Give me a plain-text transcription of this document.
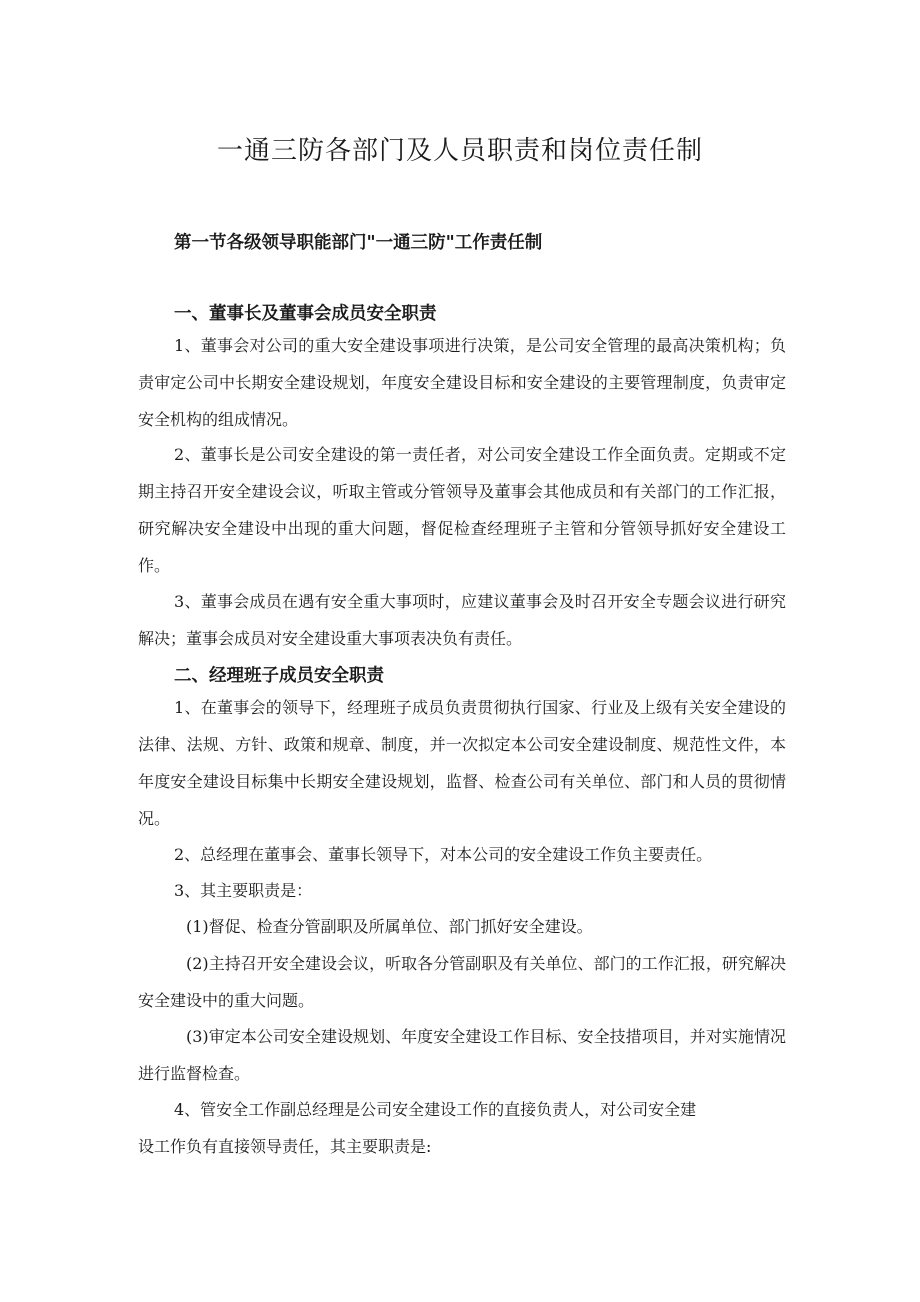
一通三防各部门及人员职责和岗位责任制
第一节各级领导职能部门"一通三防"工作责任制
一、董事长及董事会成员安全职责
1、董事会对公司的重大安全建设事项进行决策，是公司安全管理的最高决策机构；负责审定公司中长期安全建设规划，年度安全建设目标和安全建设的主要管理制度，负责审定安全机构的组成情况。
2、董事长是公司安全建设的第一责任者，对公司安全建设工作全面负责。定期或不定期主持召开安全建设会议，听取主管或分管领导及董事会其他成员和有关部门的工作汇报，研究解决安全建设中出现的重大问题，督促检查经理班子主管和分管领导抓好安全建设工作。
3、董事会成员在遇有安全重大事项时，应建议董事会及时召开安全专题会议进行研究解决；董事会成员对安全建设重大事项表决负有责任。
二、经理班子成员安全职责
1、在董事会的领导下，经理班子成员负责贯彻执行国家、行业及上级有关安全建设的法律、法规、方针、政策和规章、制度，并一次拟定本公司安全建设制度、规范性文件，本年度安全建设目标集中长期安全建设规划，监督、检查公司有关单位、部门和人员的贯彻情况。
2、总经理在董事会、董事长领导下，对本公司的安全建设工作负主要责任。
3、其主要职责是：
(1)督促、检查分管副职及所属单位、部门抓好安全建设。
(2)主持召开安全建设会议，听取各分管副职及有关单位、部门的工作汇报，研究解决安全建设中的重大问题。
(3)审定本公司安全建设规划、年度安全建设工作目标、安全技措项目，并对实施情况进行监督检查。
4、管安全工作副总经理是公司安全建设工作的直接负责人，对公司安全建
设工作负有直接领导责任，其主要职责是:
